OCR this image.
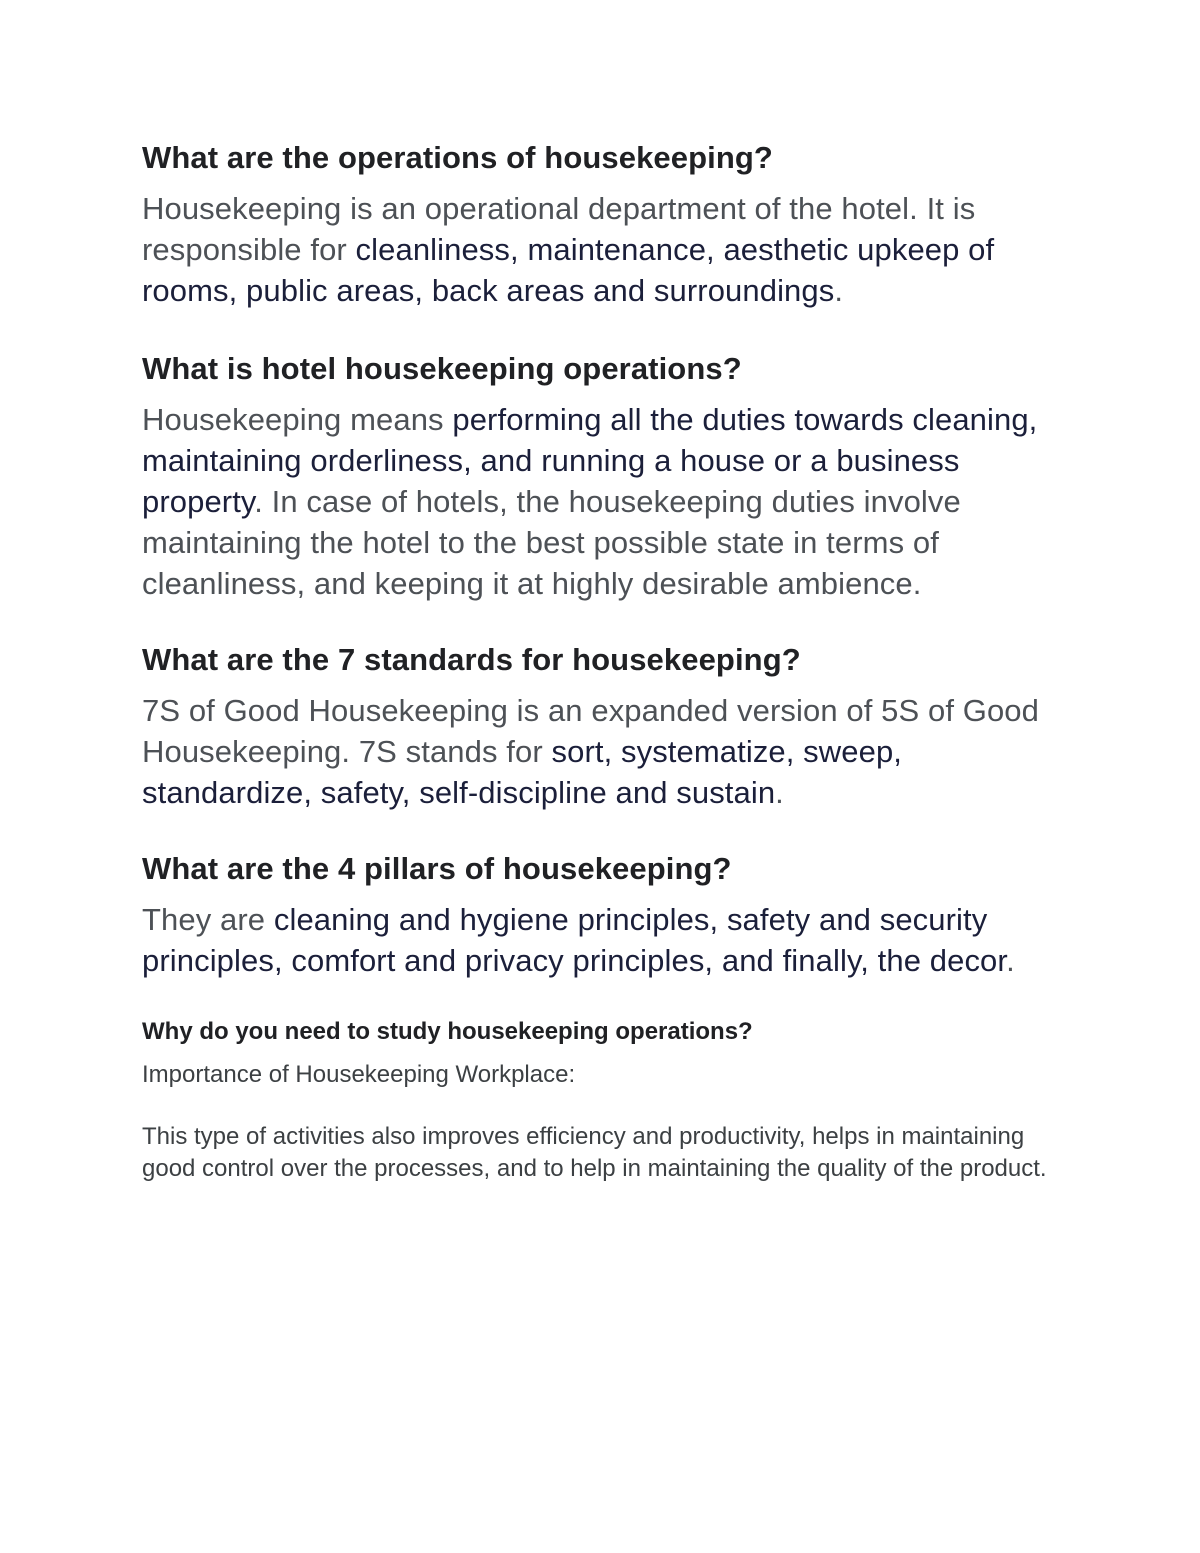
What are the operations of housekeeping?

Housekeeping is an operational department of the hotel. It is responsible for cleanliness, maintenance, aesthetic upkeep of rooms, public areas, back areas and surroundings.

What is hotel housekeeping operations?

Housekeeping means performing all the duties towards cleaning, maintaining orderliness, and running a house or a business property. In case of hotels, the housekeeping duties involve maintaining the hotel to the best possible state in terms of cleanliness, and keeping it at highly desirable ambience.

What are the 7 standards for housekeeping?

7S of Good Housekeeping is an expanded version of 5S of Good Housekeeping. 7S stands for sort, systematize, sweep, standardize, safety, self-discipline and sustain.

What are the 4 pillars of housekeeping?

They are cleaning and hygiene principles, safety and security principles, comfort and privacy principles, and finally, the decor.

Why do you need to study housekeeping operations?

Importance of Housekeeping Workplace:

This type of activities also improves efficiency and productivity, helps in maintaining good control over the processes, and to help in maintaining the quality of the product.
